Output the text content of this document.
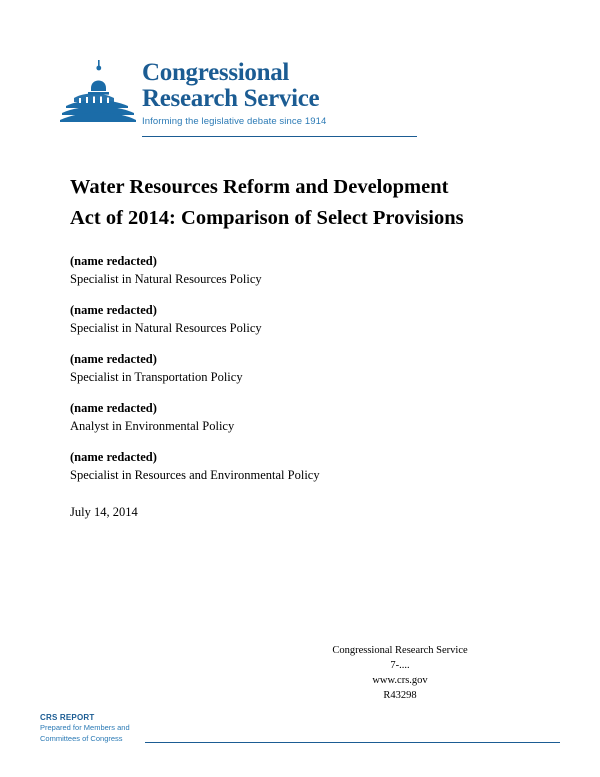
Congressional
Research Service
Informing the legislative debate since 1914
Water Resources Reform and Development
Act of 2014: Comparison of Select Provisions
(name redacted)
Specialist in Natural Resources Policy
(name redacted)
Specialist in Natural Resources Policy
(name redacted)
Specialist in Transportation Policy
(name redacted)
Analyst in Environmental Policy
(name redacted)
Specialist in Resources and Environmental Policy
July 14, 2014
Congressional Research Service
7-....
www.crs.gov
R43298
CRS REPORT
Prepared for Members and
Committees of Congress
